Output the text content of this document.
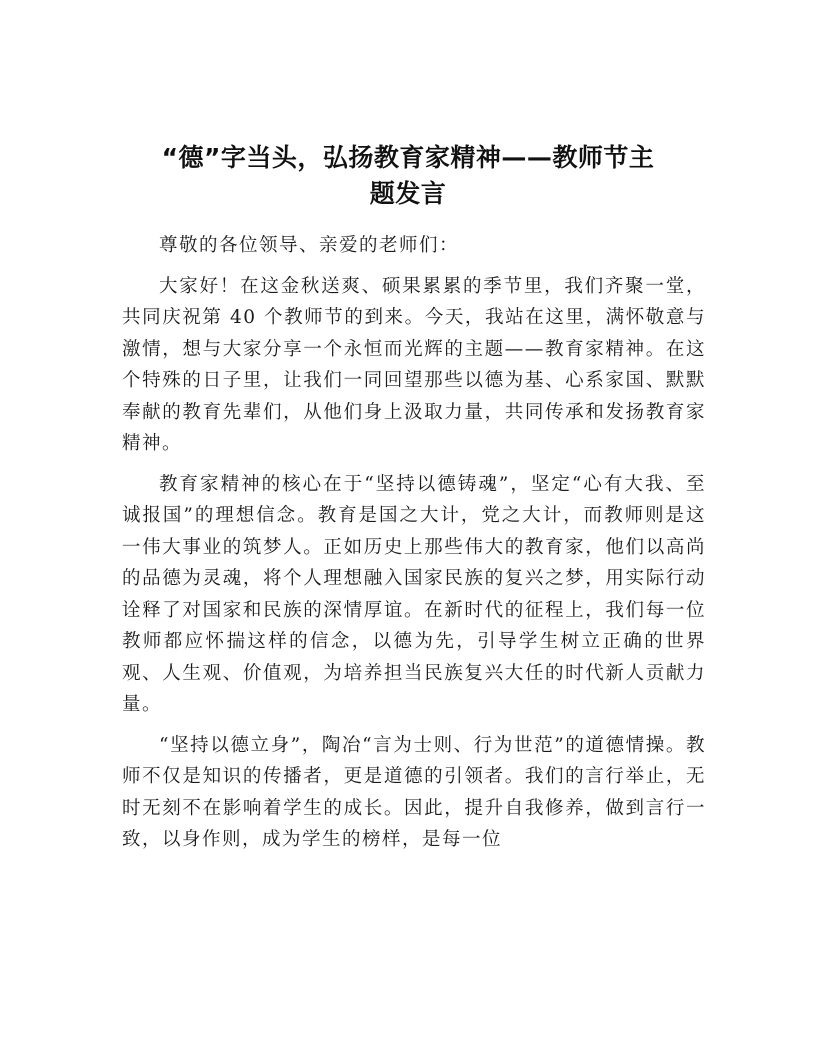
“德”字当头，弘扬教育家精神——教师节主
题发言

尊敬的各位领导、亲爱的老师们：

大家好！在这金秋送爽、硕果累累的季节里，我们齐聚一堂，共同庆祝第 40 个教师节的到来。今天，我站在这里，满怀敬意与激情，想与大家分享一个永恒而光辉的主题——教育家精神。在这个特殊的日子里，让我们一同回望那些以德为基、心系家国、默默奉献的教育先辈们，从他们身上汲取力量，共同传承和发扬教育家精神。

教育家精神的核心在于“坚持以德铸魂”，坚定“心有大我、至诚报国”的理想信念。教育是国之大计，党之大计，而教师则是这一伟大事业的筑梦人。正如历史上那些伟大的教育家，他们以高尚的品德为灵魂，将个人理想融入国家民族的复兴之梦，用实际行动诠释了对国家和民族的深情厚谊。在新时代的征程上，我们每一位教师都应怀揣这样的信念，以德为先，引导学生树立正确的世界观、人生观、价值观，为培养担当民族复兴大任的时代新人贡献力量。

“坚持以德立身”，陶冶“言为士则、行为世范”的道德情操。教师不仅是知识的传播者，更是道德的引领者。我们的言行举止，无时无刻不在影响着学生的成长。因此，提升自我修养，做到言行一致，以身作则，成为学生的榜样，是每一位
